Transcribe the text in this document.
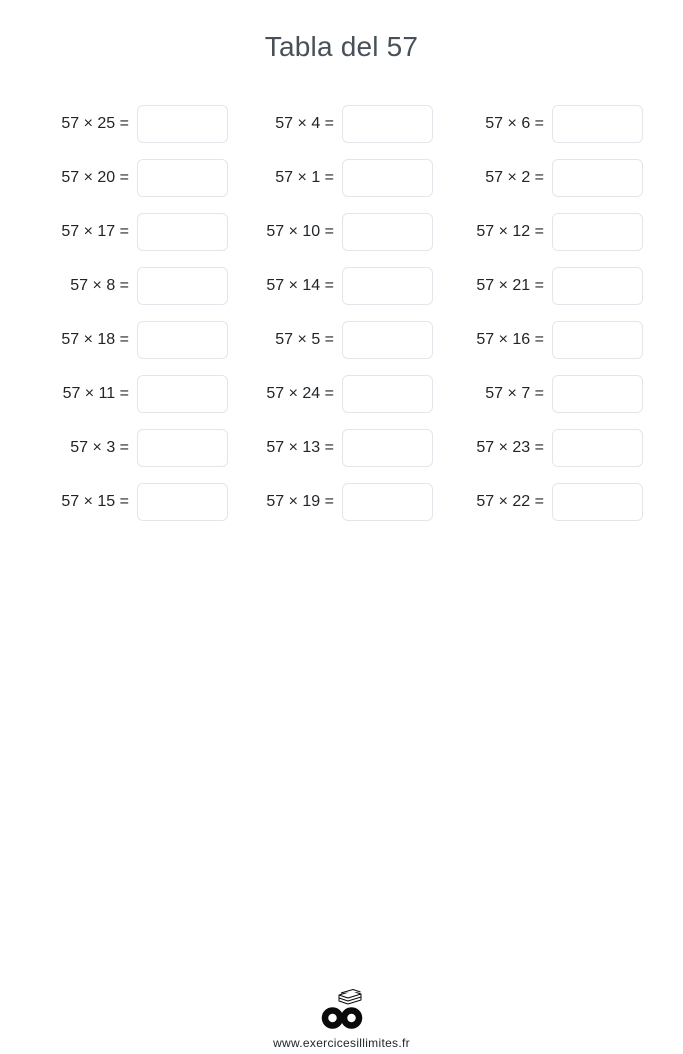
Tabla del 57
57 × 25 =	57 × 4 =	57 × 6 =
57 × 20 =	57 × 1 =	57 × 2 =
57 × 17 =	57 × 10 =	57 × 12 =
57 × 8 =	57 × 14 =	57 × 21 =
57 × 18 =	57 × 5 =	57 × 16 =
57 × 11 =	57 × 24 =	57 × 7 =
57 × 3 =	57 × 13 =	57 × 23 =
57 × 15 =	57 × 19 =	57 × 22 =
www.exercicesillimites.fr
